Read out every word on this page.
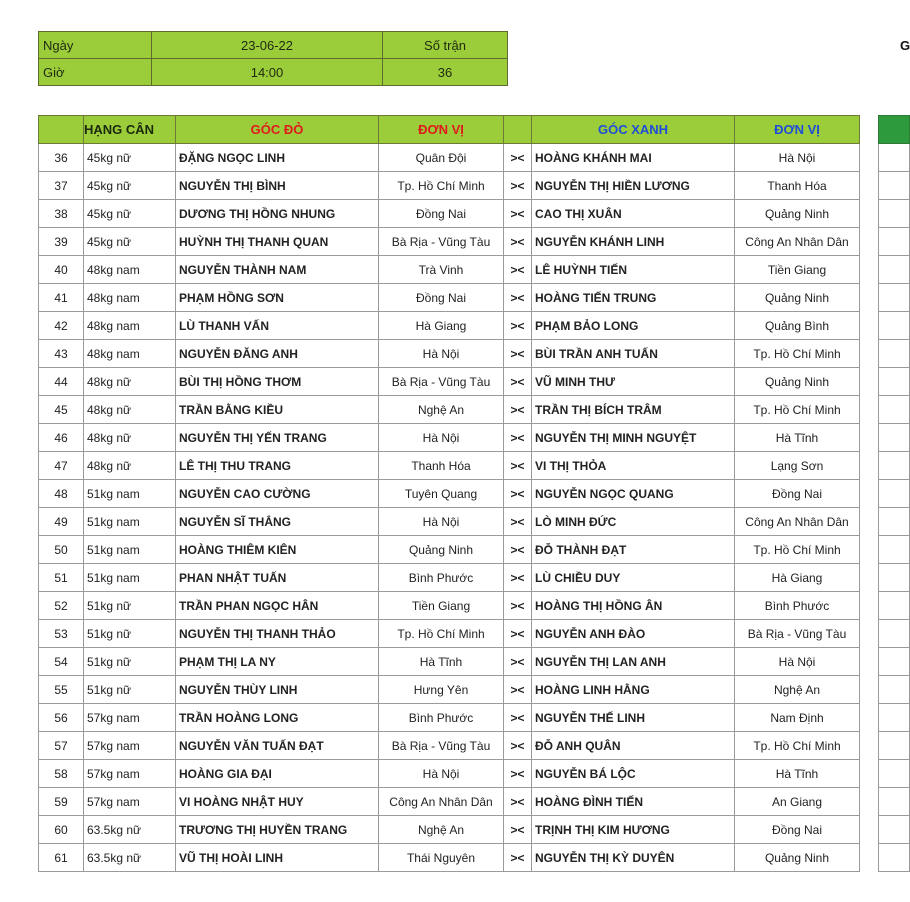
Ngày	23-06-22	Số trận
Giờ	14:00	36
G
	HẠNG CÂN	GÓC ĐỎ	ĐƠN VỊ		GÓC XANH	ĐƠN VỊ
36	45kg nữ	ĐẶNG NGỌC LINH	Quân Đội	><	HOÀNG KHÁNH MAI	Hà Nội
37	45kg nữ	NGUYỄN THỊ BÌNH	Tp. Hồ Chí Minh	><	NGUYỄN THỊ HIỀN LƯƠNG	Thanh Hóa
38	45kg nữ	DƯƠNG THỊ HỒNG NHUNG	Đồng Nai	><	CAO THỊ XUÂN	Quảng Ninh
39	45kg nữ	HUỲNH THỊ THANH QUAN	Bà Rịa - Vũng Tàu	><	NGUYỄN KHÁNH LINH	Công An Nhân Dân
40	48kg nam	NGUYỄN THÀNH NAM	Trà Vinh	><	LÊ HUỲNH TIẾN	Tiền Giang
41	48kg nam	PHẠM HỒNG SƠN	Đồng Nai	><	HOÀNG TIẾN TRUNG	Quảng Ninh
42	48kg nam	LÙ THANH VẤN	Hà Giang	><	PHẠM BẢO LONG	Quảng Bình
43	48kg nam	NGUYỄN ĐĂNG ANH	Hà Nội	><	BÙI TRẦN ANH TUẤN	Tp. Hồ Chí Minh
44	48kg nữ	BÙI THỊ HỒNG THƠM	Bà Rịa - Vũng Tàu	><	VŨ MINH THƯ	Quảng Ninh
45	48kg nữ	TRẦN BẰNG KIỀU	Nghệ An	><	TRẦN THỊ BÍCH TRÂM	Tp. Hồ Chí Minh
46	48kg nữ	NGUYỄN THỊ YẾN TRANG	Hà Nội	><	NGUYỄN THỊ MINH NGUYỆT	Hà Tĩnh
47	48kg nữ	LÊ THỊ THU TRANG	Thanh Hóa	><	VI THỊ THỎA	Lạng Sơn
48	51kg nam	NGUYỄN CAO CƯỜNG	Tuyên Quang	><	NGUYỄN NGỌC QUANG	Đồng Nai
49	51kg nam	NGUYỄN SĨ THẮNG	Hà Nội	><	LÒ MINH ĐỨC	Công An Nhân Dân
50	51kg nam	HOÀNG THIÊM KIÊN	Quảng Ninh	><	ĐỖ THÀNH ĐẠT	Tp. Hồ Chí Minh
51	51kg nam	PHAN NHẬT TUẤN	Bình Phước	><	LÙ CHIỀU DUY	Hà Giang
52	51kg nữ	TRẦN PHAN NGỌC HÂN	Tiền Giang	><	HOÀNG THỊ HỒNG ÂN	Bình Phước
53	51kg nữ	NGUYỄN THỊ THANH THẢO	Tp. Hồ Chí Minh	><	NGUYỄN ANH ĐÀO	Bà Rịa - Vũng Tàu
54	51kg nữ	PHẠM THỊ LA NY	Hà Tĩnh	><	NGUYỄN THỊ LAN ANH	Hà Nội
55	51kg nữ	NGUYỄN THÙY LINH	Hưng Yên	><	HOÀNG LINH HẰNG	Nghệ An
56	57kg nam	TRẦN HOÀNG LONG	Bình Phước	><	NGUYỄN THẾ LINH	Nam Định
57	57kg nam	NGUYỄN VĂN TUẤN ĐẠT	Bà Rịa - Vũng Tàu	><	ĐỖ ANH QUÂN	Tp. Hồ Chí Minh
58	57kg nam	HOÀNG GIA ĐẠI	Hà Nội	><	NGUYỄN BÁ LỘC	Hà Tĩnh
59	57kg nam	VI HOÀNG NHẬT HUY	Công An Nhân Dân	><	HOÀNG ĐÌNH TIẾN	An Giang
60	63.5kg nữ	TRƯƠNG THỊ HUYỀN TRANG	Nghệ An	><	TRỊNH THỊ KIM HƯƠNG	Đồng Nai
61	63.5kg nữ	VŨ THỊ HOÀI LINH	Thái Nguyên	><	NGUYỄN THỊ KỲ DUYÊN	Quảng Ninh
